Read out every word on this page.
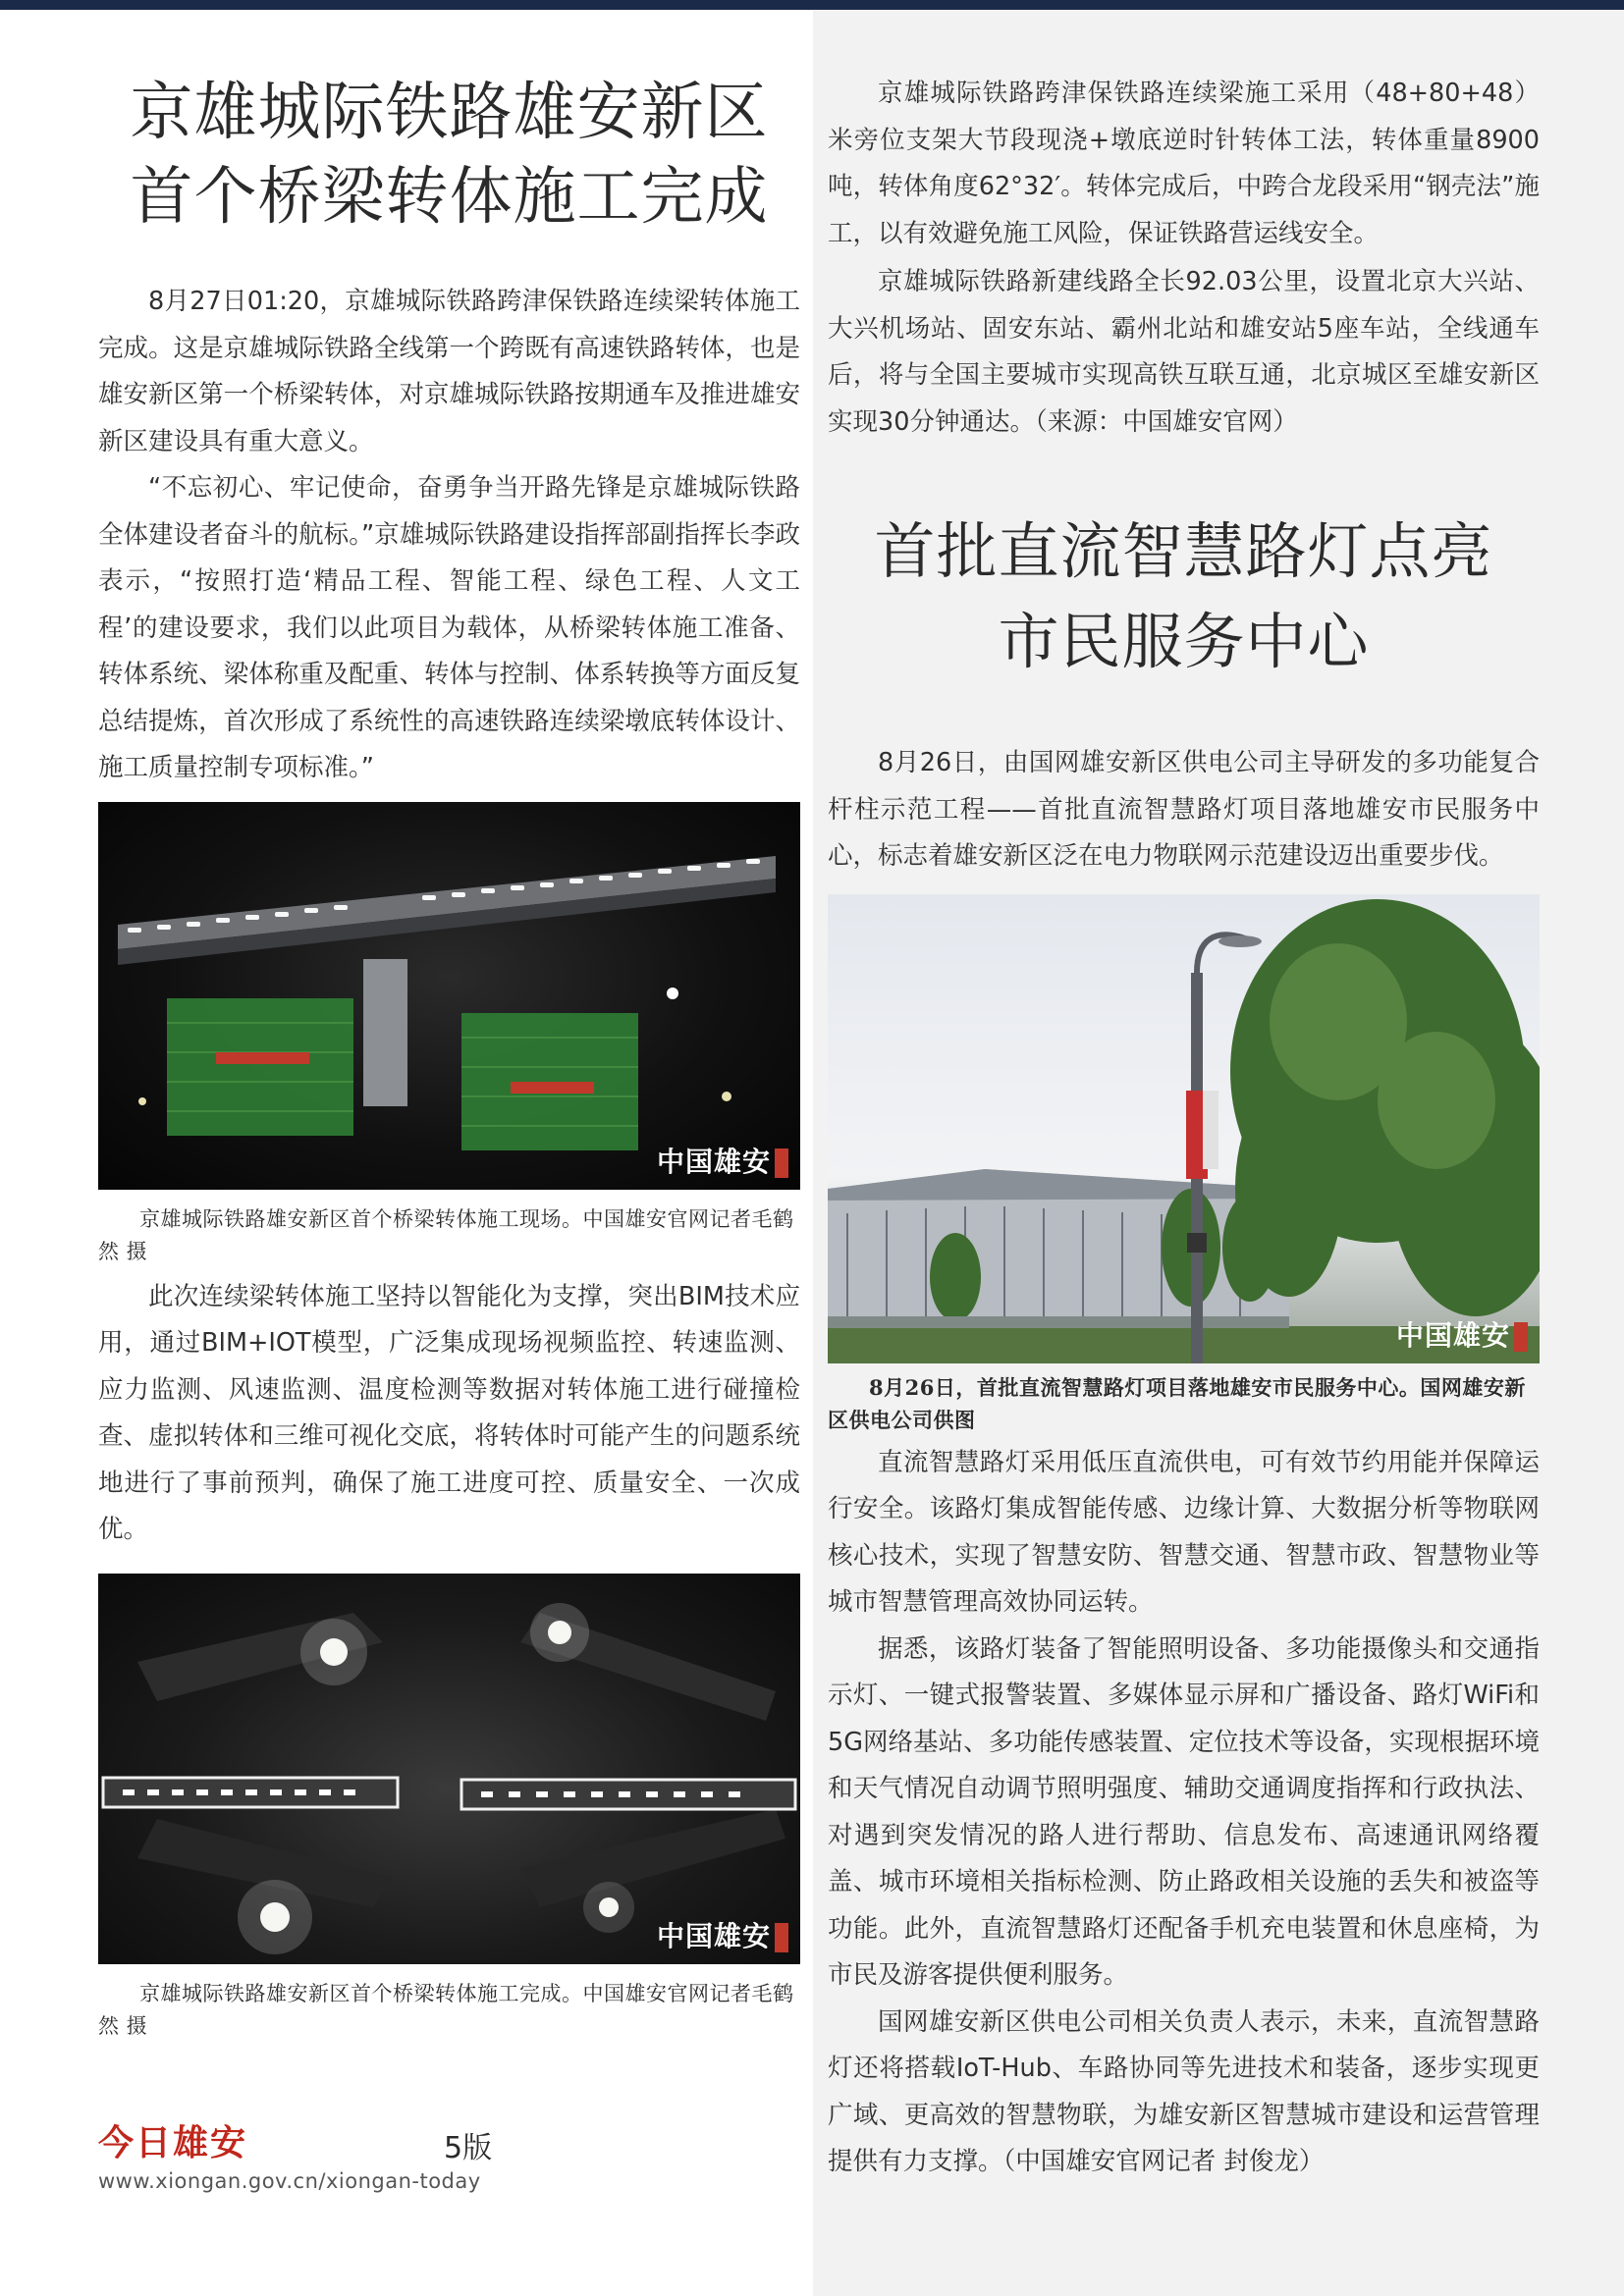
京雄城际铁路雄安新区
首个桥梁转体施工完成

8月27日01:20，京雄城际铁路跨津保铁路连续梁转体施工完成。这是京雄城际铁路全线第一个跨既有高速铁路转体，也是雄安新区第一个桥梁转体，对京雄城际铁路按期通车及推进雄安新区建设具有重大意义。

“不忘初心、牢记使命，奋勇争当开路先锋是京雄城际铁路全体建设者奋斗的航标。”京雄城际铁路建设指挥部副指挥长李政表示，“按照打造‘精品工程、智能工程、绿色工程、人文工程’的建设要求，我们以此项目为载体，从桥梁转体施工准备、转体系统、梁体称重及配重、转体与控制、体系转换等方面反复总结提炼，首次形成了系统性的高速铁路连续梁墩底转体设计、施工质量控制专项标准。”

中国雄安

京雄城际铁路雄安新区首个桥梁转体施工现场。中国雄安官网记者毛鹤然 摄

此次连续梁转体施工坚持以智能化为支撑，突出BIM技术应用，通过BIM+IOT模型，广泛集成现场视频监控、转速监测、应力监测、风速监测、温度检测等数据对转体施工进行碰撞检查、虚拟转体和三维可视化交底，将转体时可能产生的问题系统地进行了事前预判，确保了施工进度可控、质量安全、一次成优。

中国雄安

京雄城际铁路雄安新区首个桥梁转体施工完成。中国雄安官网记者毛鹤然 摄

京雄城际铁路跨津保铁路连续梁施工采用（48+80+48）米旁位支架大节段现浇+墩底逆时针转体工法，转体重量8900吨，转体角度62°32′。转体完成后，中跨合龙段采用“钢壳法”施工，以有效避免施工风险，保证铁路营运线安全。

京雄城际铁路新建线路全长92.03公里，设置北京大兴站、大兴机场站、固安东站、霸州北站和雄安站5座车站，全线通车后，将与全国主要城市实现高铁互联互通，北京城区至雄安新区实现30分钟通达。（来源：中国雄安官网）

首批直流智慧路灯点亮
市民服务中心

8月26日，由国网雄安新区供电公司主导研发的多功能复合杆柱示范工程——首批直流智慧路灯项目落地雄安市民服务中心，标志着雄安新区泛在电力物联网示范建设迈出重要步伐。

中国雄安

8月26日，首批直流智慧路灯项目落地雄安市民服务中心。国网雄安新区供电公司供图

直流智慧路灯采用低压直流供电，可有效节约用能并保障运行安全。该路灯集成智能传感、边缘计算、大数据分析等物联网核心技术，实现了智慧安防、智慧交通、智慧市政、智慧物业等城市智慧管理高效协同运转。

据悉，该路灯装备了智能照明设备、多功能摄像头和交通指示灯、一键式报警装置、多媒体显示屏和广播设备、路灯WiFi和5G网络基站、多功能传感装置、定位技术等设备，实现根据环境和天气情况自动调节照明强度、辅助交通调度指挥和行政执法、对遇到突发情况的路人进行帮助、信息发布、高速通讯网络覆盖、城市环境相关指标检测、防止路政相关设施的丢失和被盗等功能。此外，直流智慧路灯还配备手机充电装置和休息座椅，为市民及游客提供便利服务。

国网雄安新区供电公司相关负责人表示，未来，直流智慧路灯还将搭载IoT-Hub、车路协同等先进技术和装备，逐步实现更广域、更高效的智慧物联，为雄安新区智慧城市建设和运营管理提供有力支撑。（中国雄安官网记者 封俊龙）

今日雄安	5版
www.xiongan.gov.cn/xiongan-today
